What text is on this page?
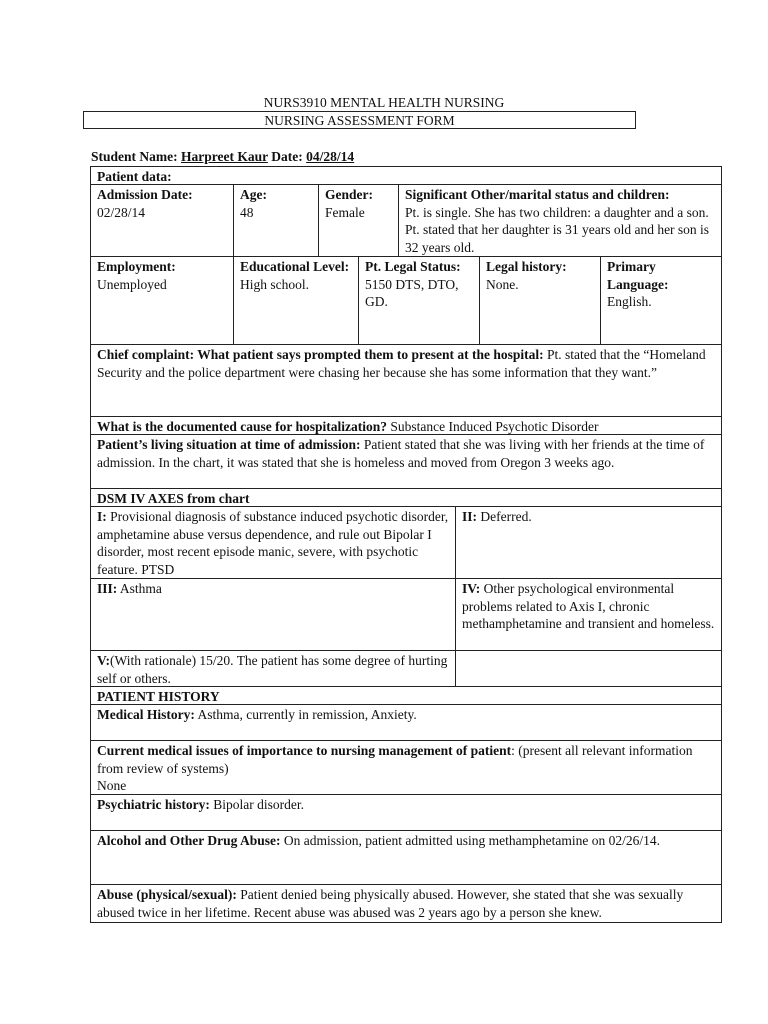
NURS3910 MENTAL HEALTH NURSING
NURSING ASSESSMENT FORM
Student Name: Harpreet Kaur Date: 04/28/14
Patient data:
Admission Date:
02/28/14
Age:
48
Gender:
Female
Significant Other/marital status and children:
Pt. is single. She has two children: a daughter and a son. Pt. stated that her daughter is 31 years old and her son is 32 years old.
Employment:
Unemployed
Educational Level: High school.
Pt. Legal Status:
5150 DTS, DTO, GD.
Legal history:
None.
Primary Language: English.
Chief complaint: What patient says prompted them to present at the hospital: Pt. stated that the “Homeland Security and the police department were chasing her because she has some information that they want.”
What is the documented cause for hospitalization? Substance Induced Psychotic Disorder
Patient’s living situation at time of admission: Patient stated that she was living with her friends at the time of admission. In the chart, it was stated that she is homeless and moved from Oregon 3 weeks ago.
DSM IV AXES from chart
I: Provisional diagnosis of substance induced psychotic disorder, amphetamine abuse versus dependence, and rule out Bipolar I disorder, most recent episode manic, severe, with psychotic feature. PTSD
II: Deferred.
III: Asthma	IV: Other psychological environmental problems related to Axis I, chronic methamphetamine and transient and homeless.
V:(With rationale) 15/20. The patient has some degree of hurting self or others.
PATIENT HISTORY
Medical History: Asthma, currently in remission, Anxiety.
Current medical issues of importance to nursing management of patient: (present all relevant information from review of systems)
None
Psychiatric history: Bipolar disorder.
Alcohol and Other Drug Abuse: On admission, patient admitted using methamphetamine on 02/26/14.
Abuse (physical/sexual): Patient denied being physically abused. However, she stated that she was sexually abused twice in her lifetime. Recent abuse was abused was 2 years ago by a person she knew.
